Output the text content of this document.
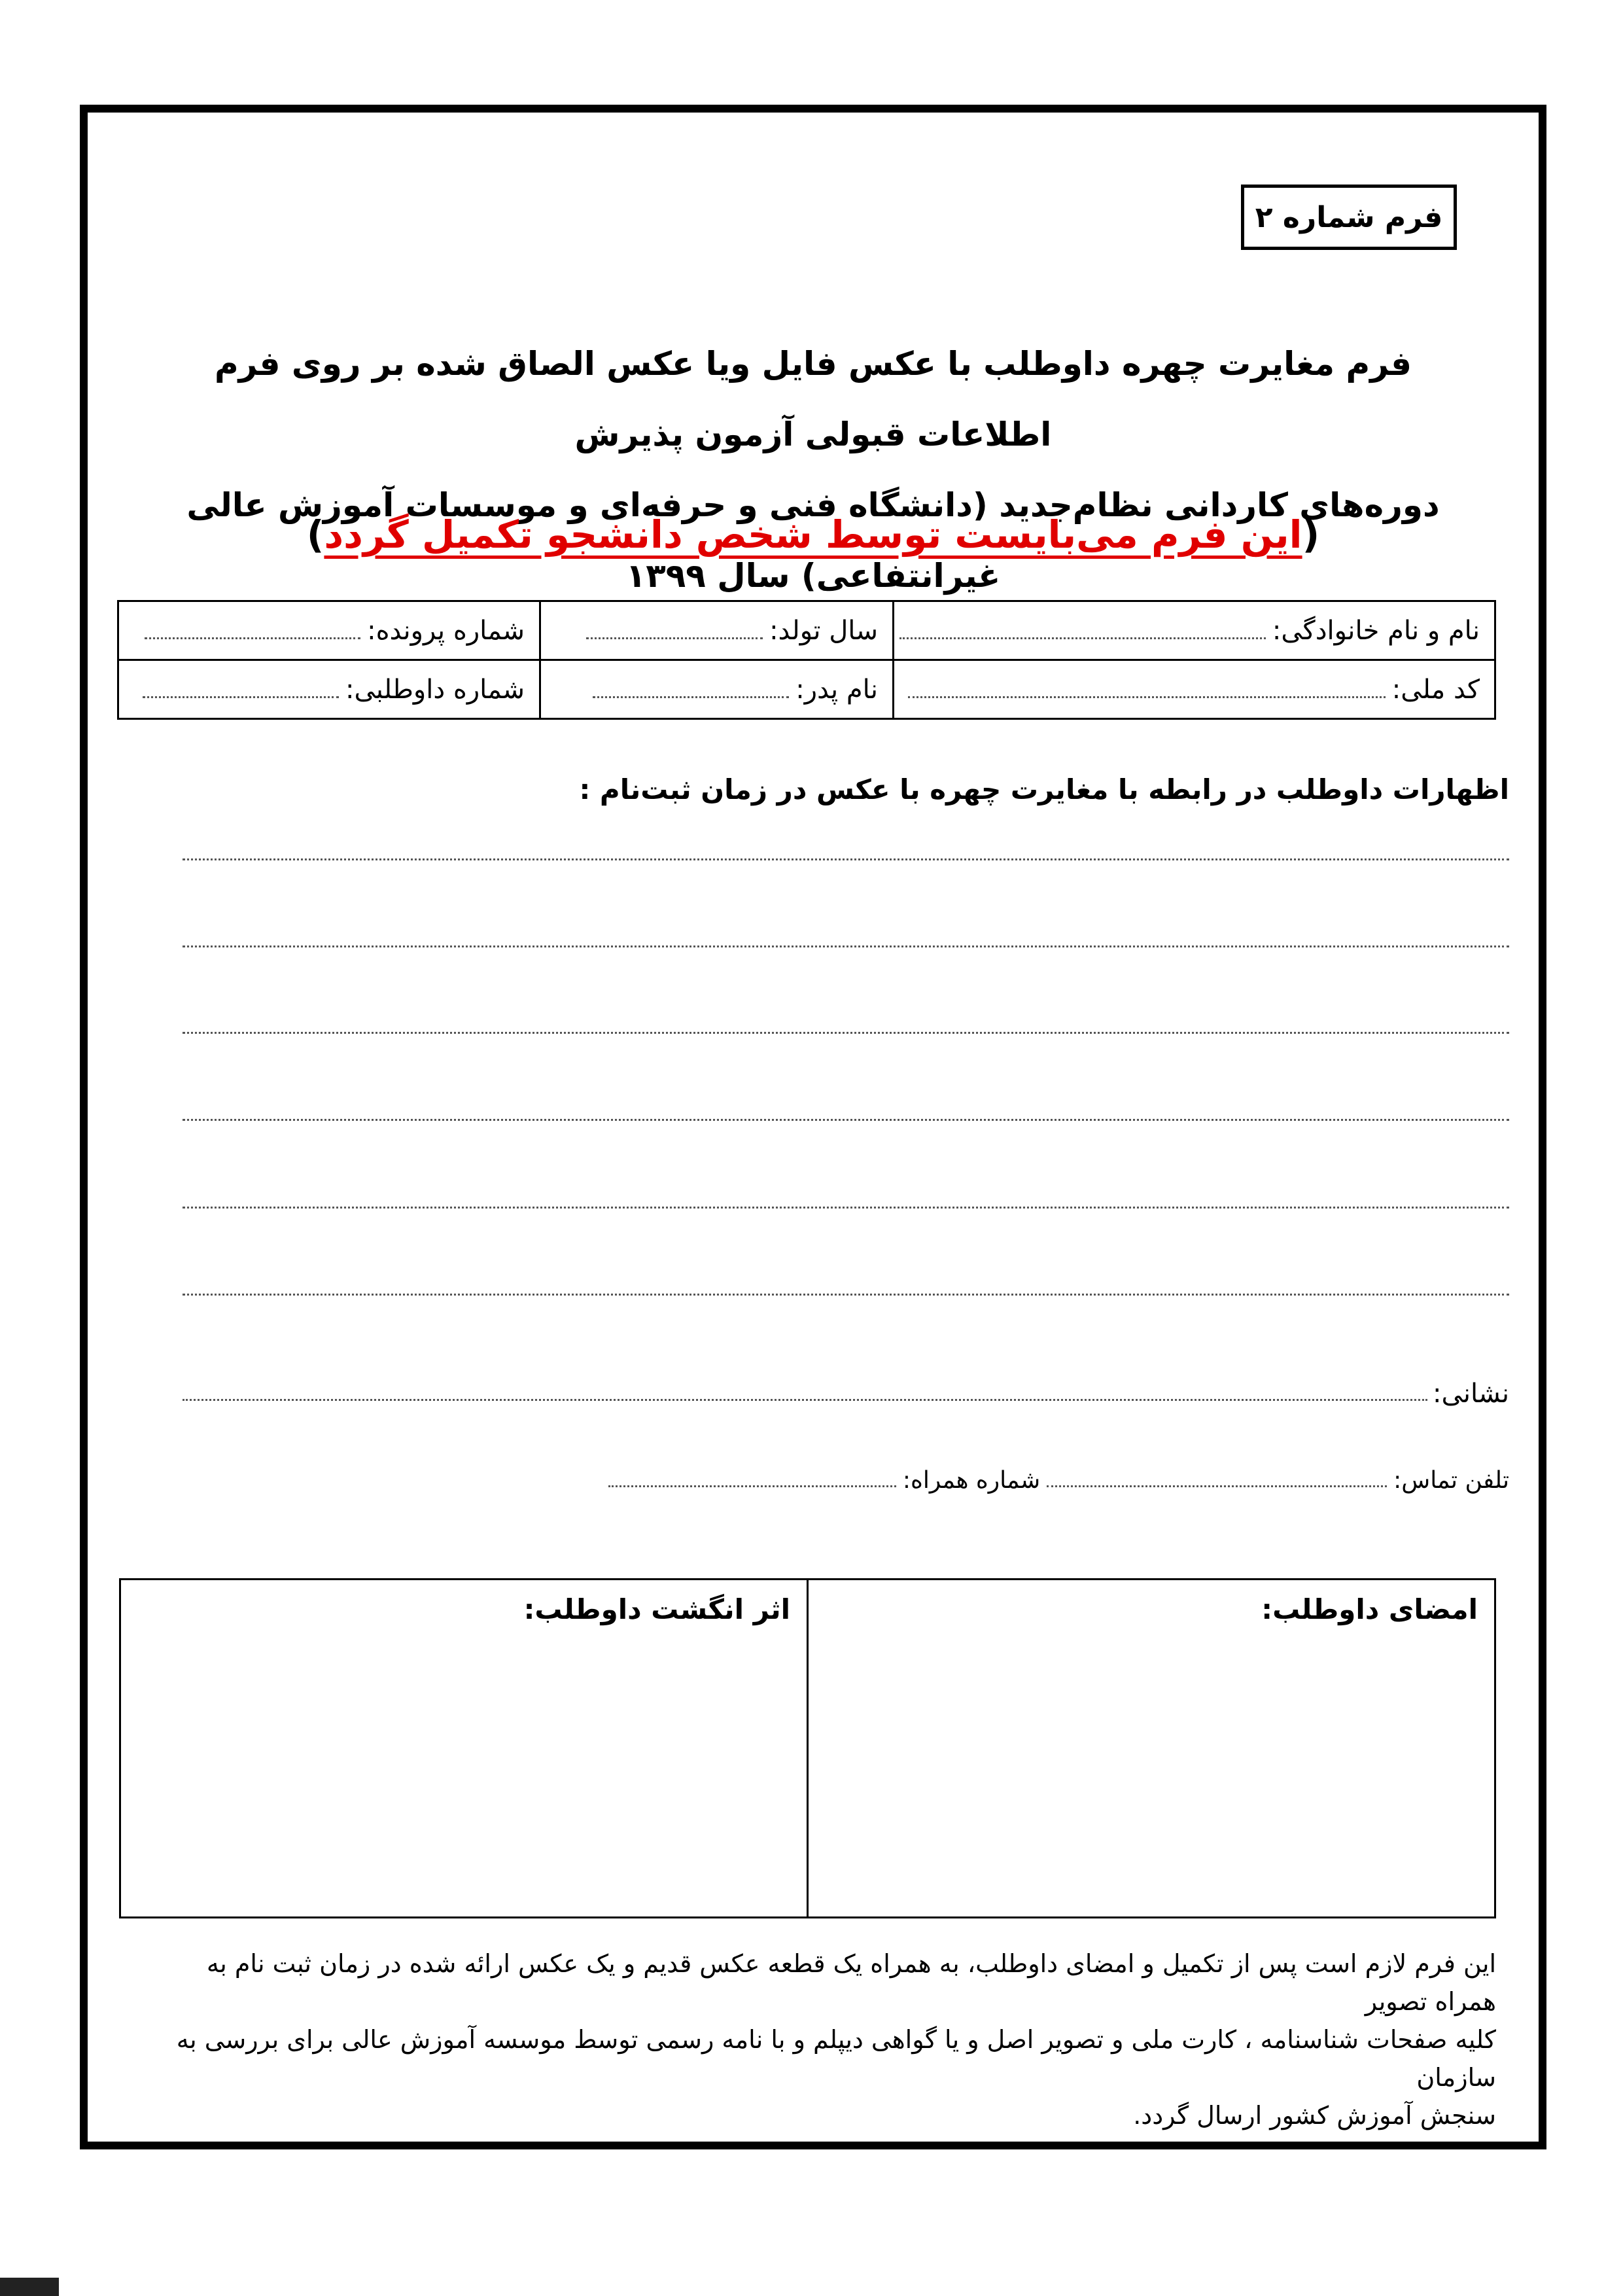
فرم شماره ۲

فرم مغایرت چهره داوطلب با عکس فایل ویا عکس الصاق شده بر روی فرم اطلاعات قبولی آزمون پذیرش

دوره‌های کاردانی نظام‌جدید (دانشگاه فنی و حرفه‌ای و موسسات آموزش عالی غیرانتفاعی) سال ۱۳۹۹

(این فرم می‌بایست توسط شخص دانشجو تکمیل گردد)
نام و نام خانوادگی:	سال تولد:	شماره پرونده:
کد ملی:	نام پدر:	شماره داوطلبی:
اظهارات داوطلب در رابطه با مغایرت چهره با عکس در زمان ثبت‌نام :
نشانی:
تلفن تماس:
شماره همراه:
امضای داوطلب:
اثر انگشت داوطلب:

این فرم لازم است پس از تکمیل و امضای داوطلب، به همراه یک قطعه عکس قدیم و یک عکس ارائه شده در زمان ثبت نام به همراه تصویر

کلیه صفحات شناسنامه ، کارت ملی و تصویر اصل و یا گواهی دیپلم و با نامه رسمی توسط موسسه آموزش عالی برای بررسی به سازمان

سنجش آموزش کشور ارسال گردد.
